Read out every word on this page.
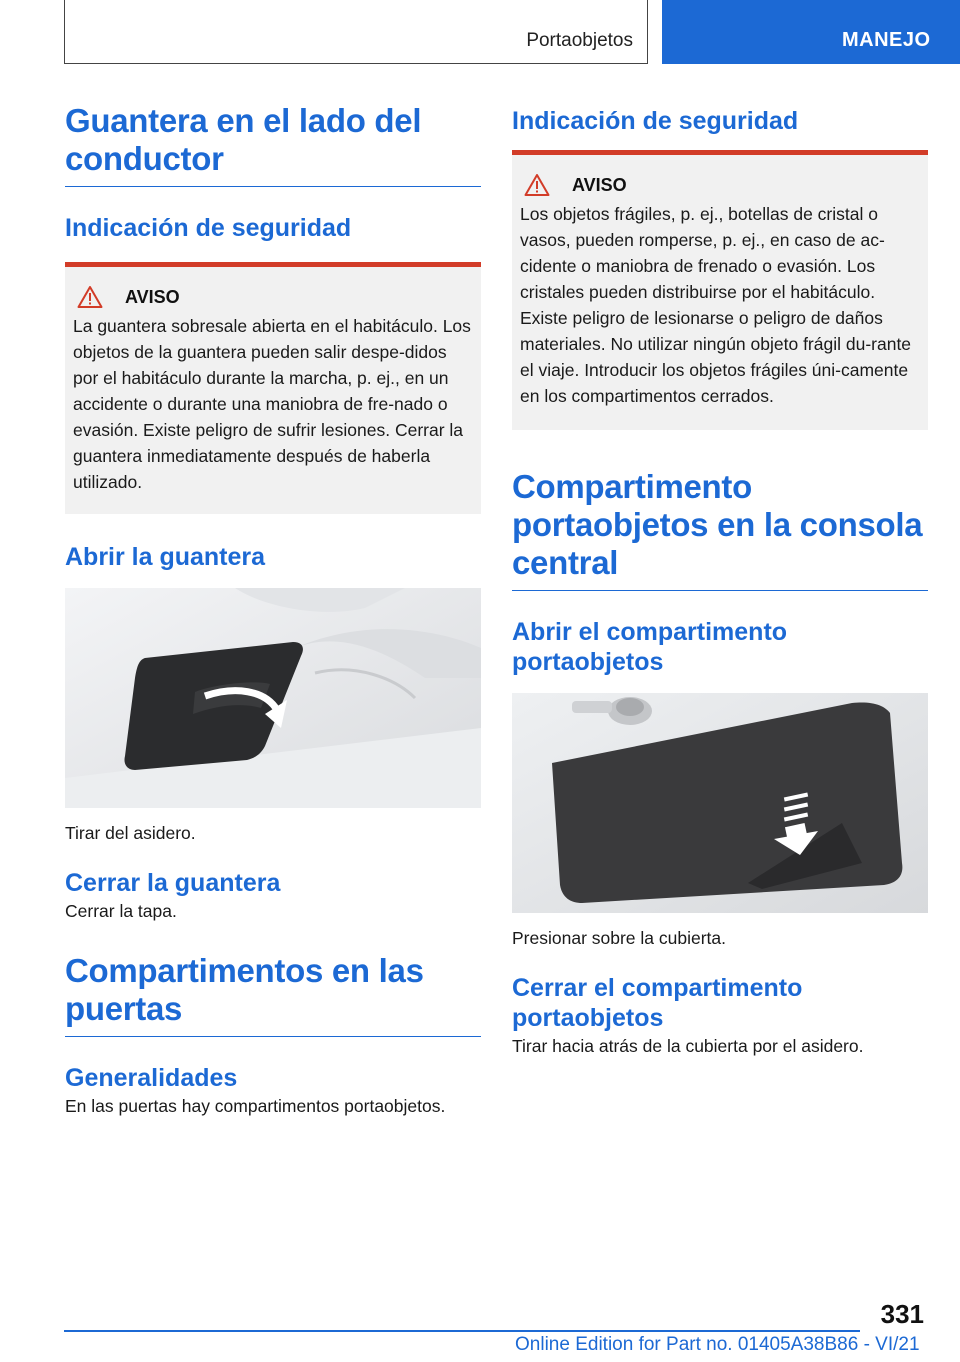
Portaobjetos	MANEJO
Guantera en el lado del conductor
Indicación de seguridad
AVISO

La guantera sobresale abierta en el habitáculo. Los objetos de la guantera pueden salir despe-didos por el habitáculo durante la marcha, p. ej., en un accidente o durante una maniobra de fre-nado o evasión. Existe peligro de sufrir lesiones. Cerrar la guantera inmediatamente después de haberla utilizado.

Abrir la guantera

Tirar del asidero.

Cerrar la guantera

Cerrar la tapa.

Compartimentos en las puertas
Generalidades

En las puertas hay compartimentos portaobjetos.

Indicación de seguridad
AVISO

Los objetos frágiles, p. ej., botellas de cristal o vasos, pueden romperse, p. ej., en caso de ac-cidente o maniobra de frenado o evasión. Los cristales pueden distribuirse por el habitáculo. Existe peligro de lesionarse o peligro de daños materiales. No utilizar ningún objeto frágil du-rante el viaje. Introducir los objetos frágiles úni-camente en los compartimentos cerrados.

Compartimento portaobjetos en la consola central
Abrir el compartimento portaobjetos

Presionar sobre la cubierta.

Cerrar el compartimento portaobjetos

Tirar hacia atrás de la cubierta por el asidero.

331
Online Edition for Part no. 01405A38B86 - VI/21
